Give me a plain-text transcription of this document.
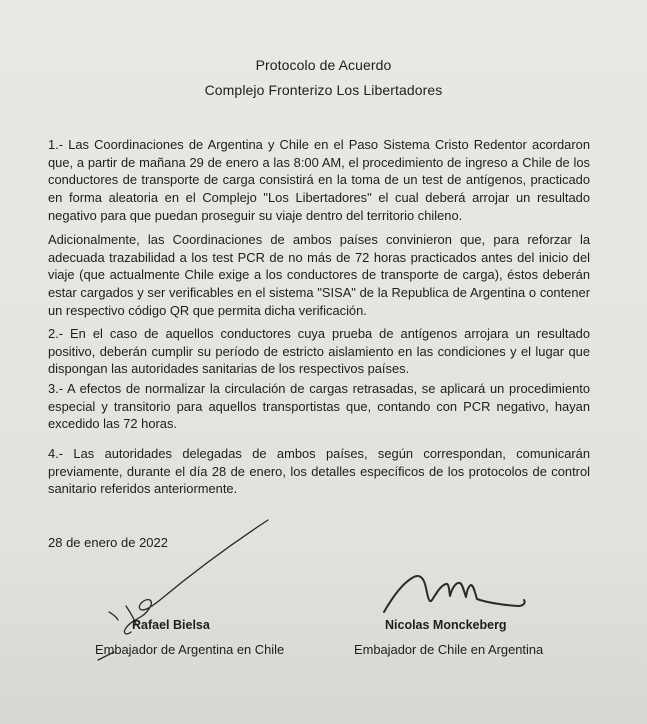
Protocolo de Acuerdo
Complejo Fronterizo Los Libertadores
1.- Las Coordinaciones de Argentina y Chile en el Paso Sistema Cristo Redentor acordaron que, a partir de mañana 29 de enero a las 8:00 AM, el procedimiento de ingreso a Chile de los conductores de transporte de carga consistirá en la toma de un test de antígenos, practicado en forma aleatoria en el Complejo "Los Libertadores" el cual deberá arrojar un resultado negativo para que puedan proseguir su viaje dentro del territorio chileno.
Adicionalmente, las Coordinaciones de ambos países convinieron que, para reforzar la adecuada trazabilidad a los test PCR de no más de 72 horas practicados antes del inicio del viaje (que actualmente Chile exige a los conductores de transporte de carga), éstos deberán estar cargados y ser verificables en el sistema "SISA" de la Republica de Argentina o contener un respectivo código QR que permita dicha verificación.
2.- En el caso de aquellos conductores cuya prueba de antígenos arrojara un resultado positivo, deberán cumplir su período de estricto aislamiento en las condiciones y el lugar que dispongan las autoridades sanitarias de los respectivos países.
3.- A efectos de normalizar la circulación de cargas retrasadas, se aplicará un procedimiento especial y transitorio para aquellos transportistas que, contando con PCR negativo, hayan excedido las 72 horas.
4.- Las autoridades delegadas de ambos países, según correspondan, comunicarán previamente, durante el día 28 de enero, los detalles específicos de los protocolos de control sanitario referidos anteriormente.
28 de enero de 2022
Rafael Bielsa
Embajador de Argentina en Chile
Nicolas Monckeberg
Embajador de Chile en Argentina
